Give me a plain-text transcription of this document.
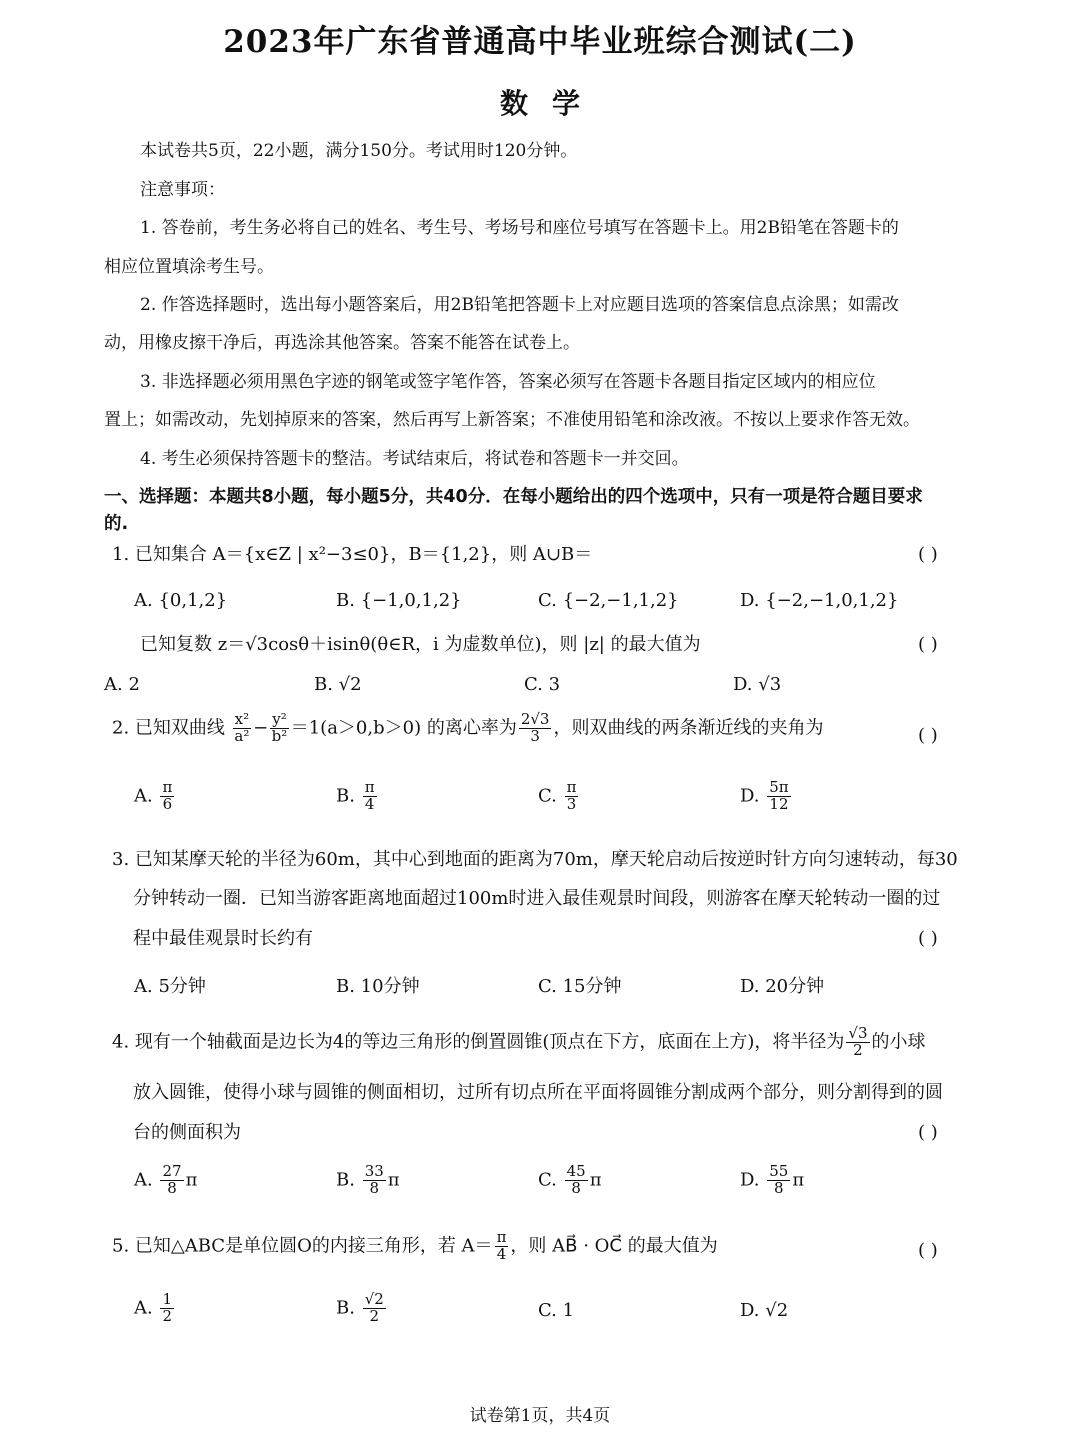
2023年广东省普通高中毕业班综合测试(二)
数学
本试卷共5页，22小题，满分150分。考试用时120分钟。
注意事项：
1. 答卷前，考生务必将自己的姓名、考生号、考场号和座位号填写在答题卡上。用2B铅笔在答题卡的
相应位置填涂考生号。
2. 作答选择题时，选出每小题答案后，用2B铅笔把答题卡上对应题目选项的答案信息点涂黑；如需改
动，用橡皮擦干净后，再选涂其他答案。答案不能答在试卷上。
3. 非选择题必须用黑色字迹的钢笔或签字笔作答，答案必须写在答题卡各题目指定区域内的相应位
置上；如需改动，先划掉原来的答案，然后再写上新答案；不准使用铅笔和涂改液。不按以上要求作答无效。
4. 考生必须保持答题卡的整洁。考试结束后，将试卷和答题卡一并交回。
一、选择题：本题共8小题，每小题5分，共40分．在每小题给出的四个选项中，只有一项是符合题目要求
的.
1. 已知集合 A＝{x∈Z | x²−3≤0}，B＝{1,2}，则 A∪B＝	( )
A. {0,1,2}	B. {−1,0,1,2}	C. {−2,−1,1,2}	D. {−2,−1,0,1,2}
已知复数 z＝√3cosθ＋isinθ(θ∈R，i 为虚数单位)，则 |z| 的最大值为	( )
A. 2	B. √2	C. 3	D. √3
2. 已知双曲线 $\frac{\text{x²}}{\text{a²}} - \frac{\text{y²}}{\text{b²}} =1(a>0,b>0)$ 的离心率为 $\frac{2√3}{3}$ ，则双曲线的两条渐近线的夹角为	( )
A. $\frac{\pi}{6}$	B. $\frac{\pi}{4}$	C. $\frac{\pi}{3}$	D. $\frac{5\pi}{12}$
3. 已知某摩天轮的半径为60m，其中心到地面的距离为70m，摩天轮启动后按逆时针方向匀速转动，每30
分钟转动一圈．已知当游客距离地面超过100m时进入最佳观景时间段，则游客在摩天轮转动一圈的过
程中最佳观景时长约有	( )
A. 5分钟	B. 10分钟	C. 15分钟	D. 20分钟
4. 现有一个轴截面是边长为4的等边三角形的倒置圆锥(顶点在下方，底面在上方)，将半径为 $\frac{√3}{2}$ 的小球
放入圆锥，使得小球与圆锥的侧面相切，过所有切点所在平面将圆锥分割成两个部分，则分割得到的圆
台的侧面积为	( )
A. $\frac{27}{8}$ π	B. $\frac{33}{8}$ π	C. $\frac{45}{8}$ π	D. $\frac{55}{8}$ π
5. 已知△ABC是单位圆O的内接三角形，若 $A= \frac{\pi}{4}$ ，则 AB⃗ · OC⃗ 的最大值为	( )
A. $\frac{1}{2}$	B. $\frac{√2}{2}$	C. 1	D. √2
试卷第1页，共4页
